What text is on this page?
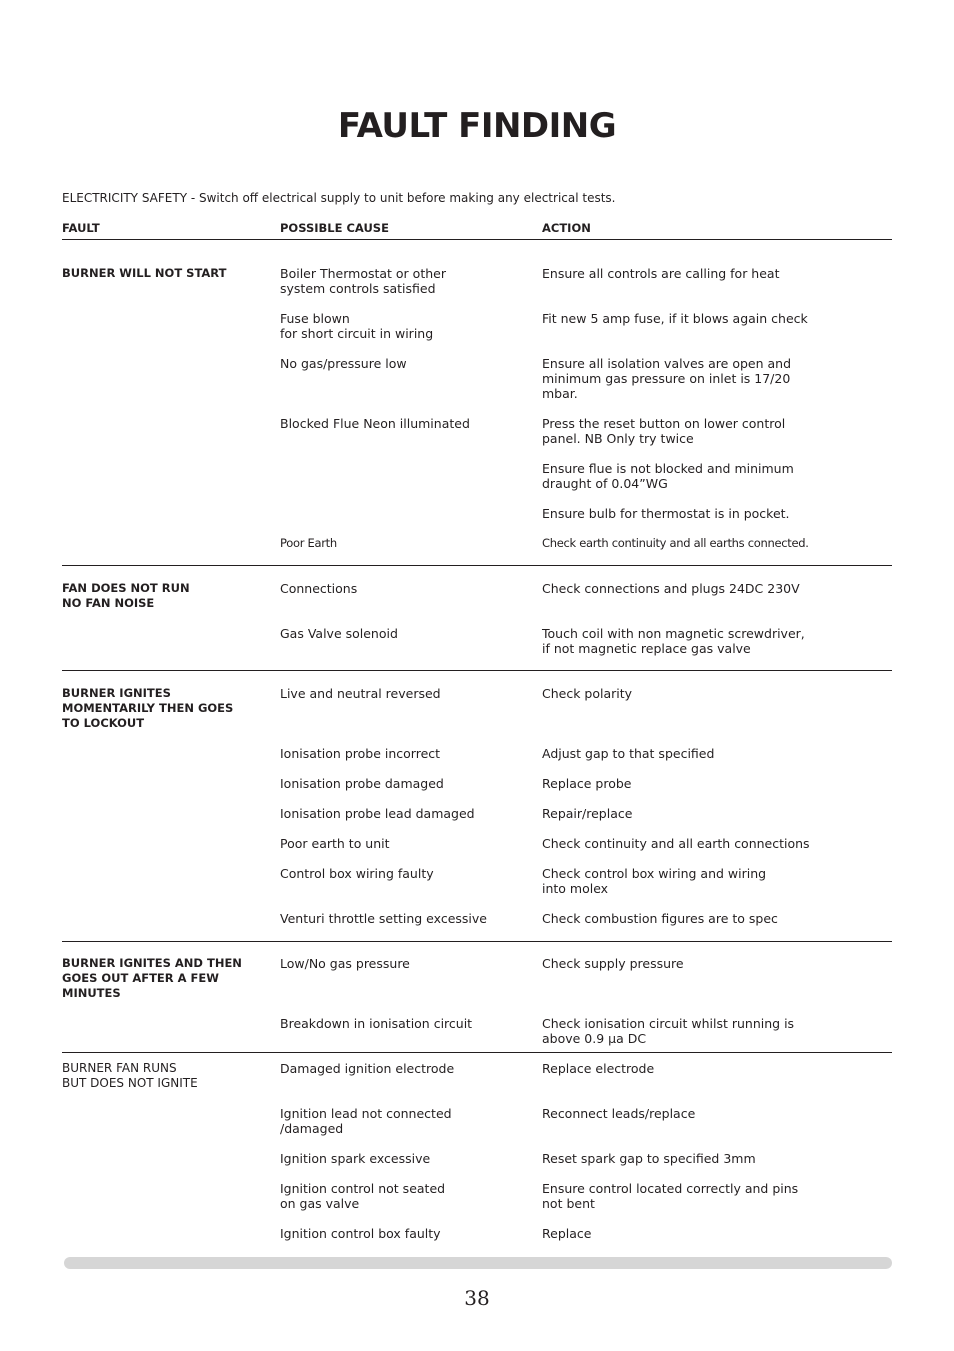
FAULT FINDING

ELECTRICITY SAFETY - Switch off electrical supply to unit before making any electrical tests.

FAULT	POSSIBLE CAUSE	ACTION

BURNER WILL NOT START

FAN DOES NOT RUN
NO FAN NOISE

BURNER IGNITES
MOMENTARILY THEN GOES
TO LOCKOUT

BURNER IGNITES AND THEN
GOES OUT AFTER A FEW
MINUTES

BURNER FAN RUNS
BUT DOES NOT IGNITE

Boiler Thermostat or other
system controls satisfied

Fuse blown
for short circuit in wiring

No gas/pressure low

Blocked Flue Neon illuminated

Poor Earth

Connections

Gas Valve solenoid

Live and neutral reversed

Ionisation probe incorrect

Ionisation probe damaged

Ionisation probe lead damaged

Poor earth to unit

Control box wiring faulty

Venturi throttle setting excessive

Low/No gas pressure

Breakdown in ionisation circuit

Damaged ignition electrode

Ignition lead not connected
/damaged

Ignition spark excessive

Ignition control not seated
on gas valve

Ignition control box faulty

Ensure all controls are calling for heat

Fit new 5 amp fuse, if it blows again check

Ensure all isolation valves are open and
minimum gas pressure on inlet is 17/20
mbar.

Press the reset button on lower control
panel. NB Only try twice

Ensure flue is not blocked and minimum
draught of 0.04”WG

Ensure bulb for thermostat is in pocket.

Check earth continuity and all earths connected.

Check connections and plugs 24DC 230V

Touch coil with non magnetic screwdriver,
if not magnetic replace gas valve

Check polarity

Adjust gap to that specified

Replace probe

Repair/replace

Check continuity and all earth connections

Check control box wiring and wiring
into molex

Check combustion figures are to spec

Check supply pressure

Check ionisation circuit whilst running is
above 0.9 μa DC

Replace electrode

Reconnect leads/replace

Reset spark gap to specified 3mm

Ensure control located correctly and pins
not bent

Replace

38
